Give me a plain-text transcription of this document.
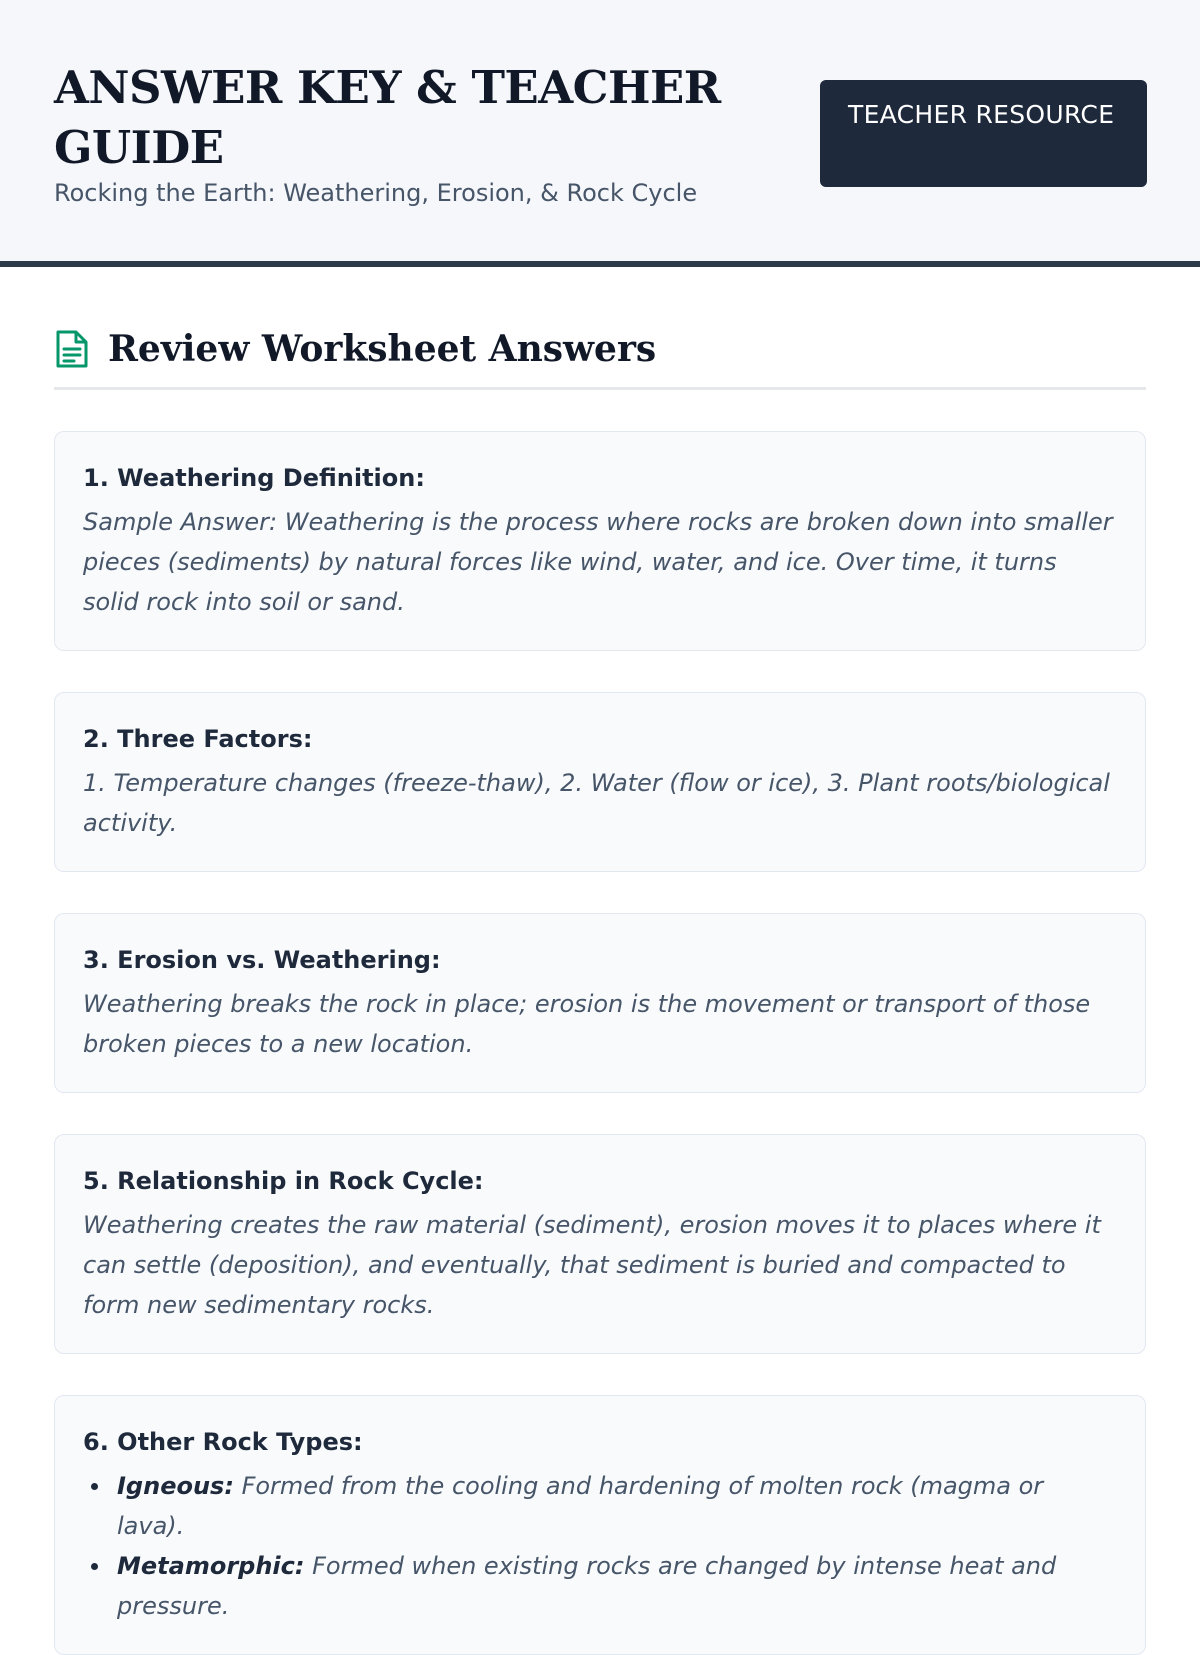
ANSWER KEY & TEACHER GUIDE
Rocking the Earth: Weathering, Erosion, & Rock Cycle
TEACHER RESOURCE
Review Worksheet Answers
1. Weathering Definition:

Sample Answer: Weathering is the process where rocks are broken down into smaller pieces (sediments) by natural forces like wind, water, and ice. Over time, it turns solid rock into soil or sand.

2. Three Factors:

1. Temperature changes (freeze-thaw), 2. Water (flow or ice), 3. Plant roots/biological activity.

3. Erosion vs. Weathering:

Weathering breaks the rock in place; erosion is the movement or transport of those broken pieces to a new location.

5. Relationship in Rock Cycle:

Weathering creates the raw material (sediment), erosion moves it to places where it can settle (deposition), and eventually, that sediment is buried and compacted to form new sedimentary rocks.

6. Other Rock Types:
Igneous: Formed from the cooling and hardening of molten rock (magma or lava).
Metamorphic: Formed when existing rocks are changed by intense heat and pressure.
